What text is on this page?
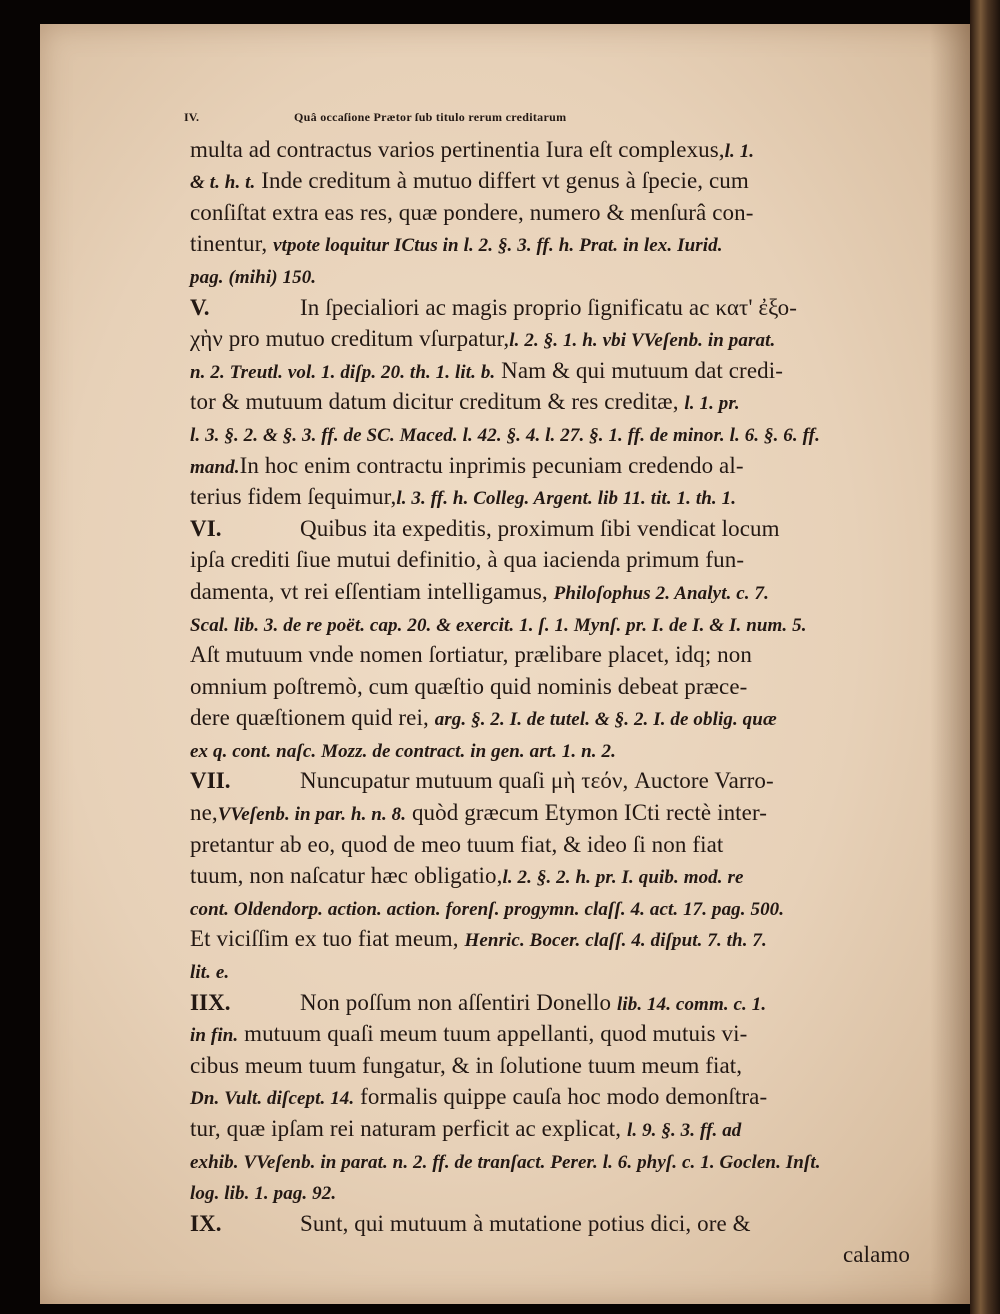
IV.	Quâ occaſione Prætor ſub titulo rerum creditarum
multa ad contractus varios pertinentia Iura eſt complexus,l. 1.
& t. h. t. Inde creditum à mutuo differt vt genus à ſpecie, cum
conſiſtat extra eas res, quæ pondere, numero & menſurâ con-
tinentur, vtpote loquitur ICtus in l. 2. §. 3. ff. h. Prat. in lex. Iurid.
pag. (mihi) 150.
V.	In ſpecialiori ac magis proprio ſignificatu ac κατ' ἐξο-
χὴν pro mutuo creditum vſurpatur,l. 2. §. 1. h. vbi VVeſenb. in parat.
n. 2. Treutl. vol. 1. diſp. 20. th. 1. lit. b. Nam & qui mutuum dat credi-
tor & mutuum datum dicitur creditum & res creditæ, l. 1. pr.
l. 3. §. 2. & §. 3. ff. de SC. Maced. l. 42. §. 4. l. 27. §. 1. ff. de minor. l. 6. §. 6. ff.
mand.In hoc enim contractu inprimis pecuniam credendo al-
terius fidem ſequimur,l. 3. ff. h. Colleg. Argent. lib 11. tit. 1. th. 1.
VI.	Quibus ita expeditis, proximum ſibi vendicat locum
ipſa crediti ſiue mutui definitio, à qua iacienda primum fun-
damenta, vt rei eſſentiam intelligamus, Philoſophus 2. Analyt. c. 7.
Scal. lib. 3. de re poët. cap. 20. & exercit. 1. ſ. 1. Mynſ. pr. I. de I. & I. num. 5.
Aſt mutuum vnde nomen ſortiatur, prælibare placet, idq; non
omnium poſtremò, cum quæſtio quid nominis debeat præce-
dere quæſtionem quid rei, arg. §. 2. I. de tutel. & §. 2. I. de oblig. quæ
ex q. cont. naſc. Mozz. de contract. in gen. art. 1. n. 2.
VII.	Nuncupatur mutuum quaſi μὴ τεόν, Auctore Varro-
ne,VVeſenb. in par. h. n. 8. quòd græcum Etymon ICti rectè inter-
pretantur ab eo, quod de meo tuum fiat, & ideo ſi non fiat
tuum, non naſcatur hæc obligatio,l. 2. §. 2. h. pr. I. quib. mod. re
cont. Oldendorp. action. action. forenſ. progymn. claſſ. 4. act. 17. pag. 500.
Et viciſſim ex tuo fiat meum, Henric. Bocer. claſſ. 4. diſput. 7. th. 7.
lit. e.
IIX.	Non poſſum non aſſentiri Donello lib. 14. comm. c. 1.
in fin. mutuum quaſi meum tuum appellanti, quod mutuis vi-
cibus meum tuum fungatur, & in ſolutione tuum meum fiat,
Dn. Vult. diſcept. 14. formalis quippe cauſa hoc modo demonſtra-
tur, quæ ipſam rei naturam perficit ac explicat, l. 9. §. 3. ff. ad
exhib. VVeſenb. in parat. n. 2. ff. de tranſact. Perer. l. 6. phyſ. c. 1. Goclen. Inſt.
log. lib. 1. pag. 92.
IX.	Sunt, qui mutuum à mutatione potius dici, ore &
calamo
